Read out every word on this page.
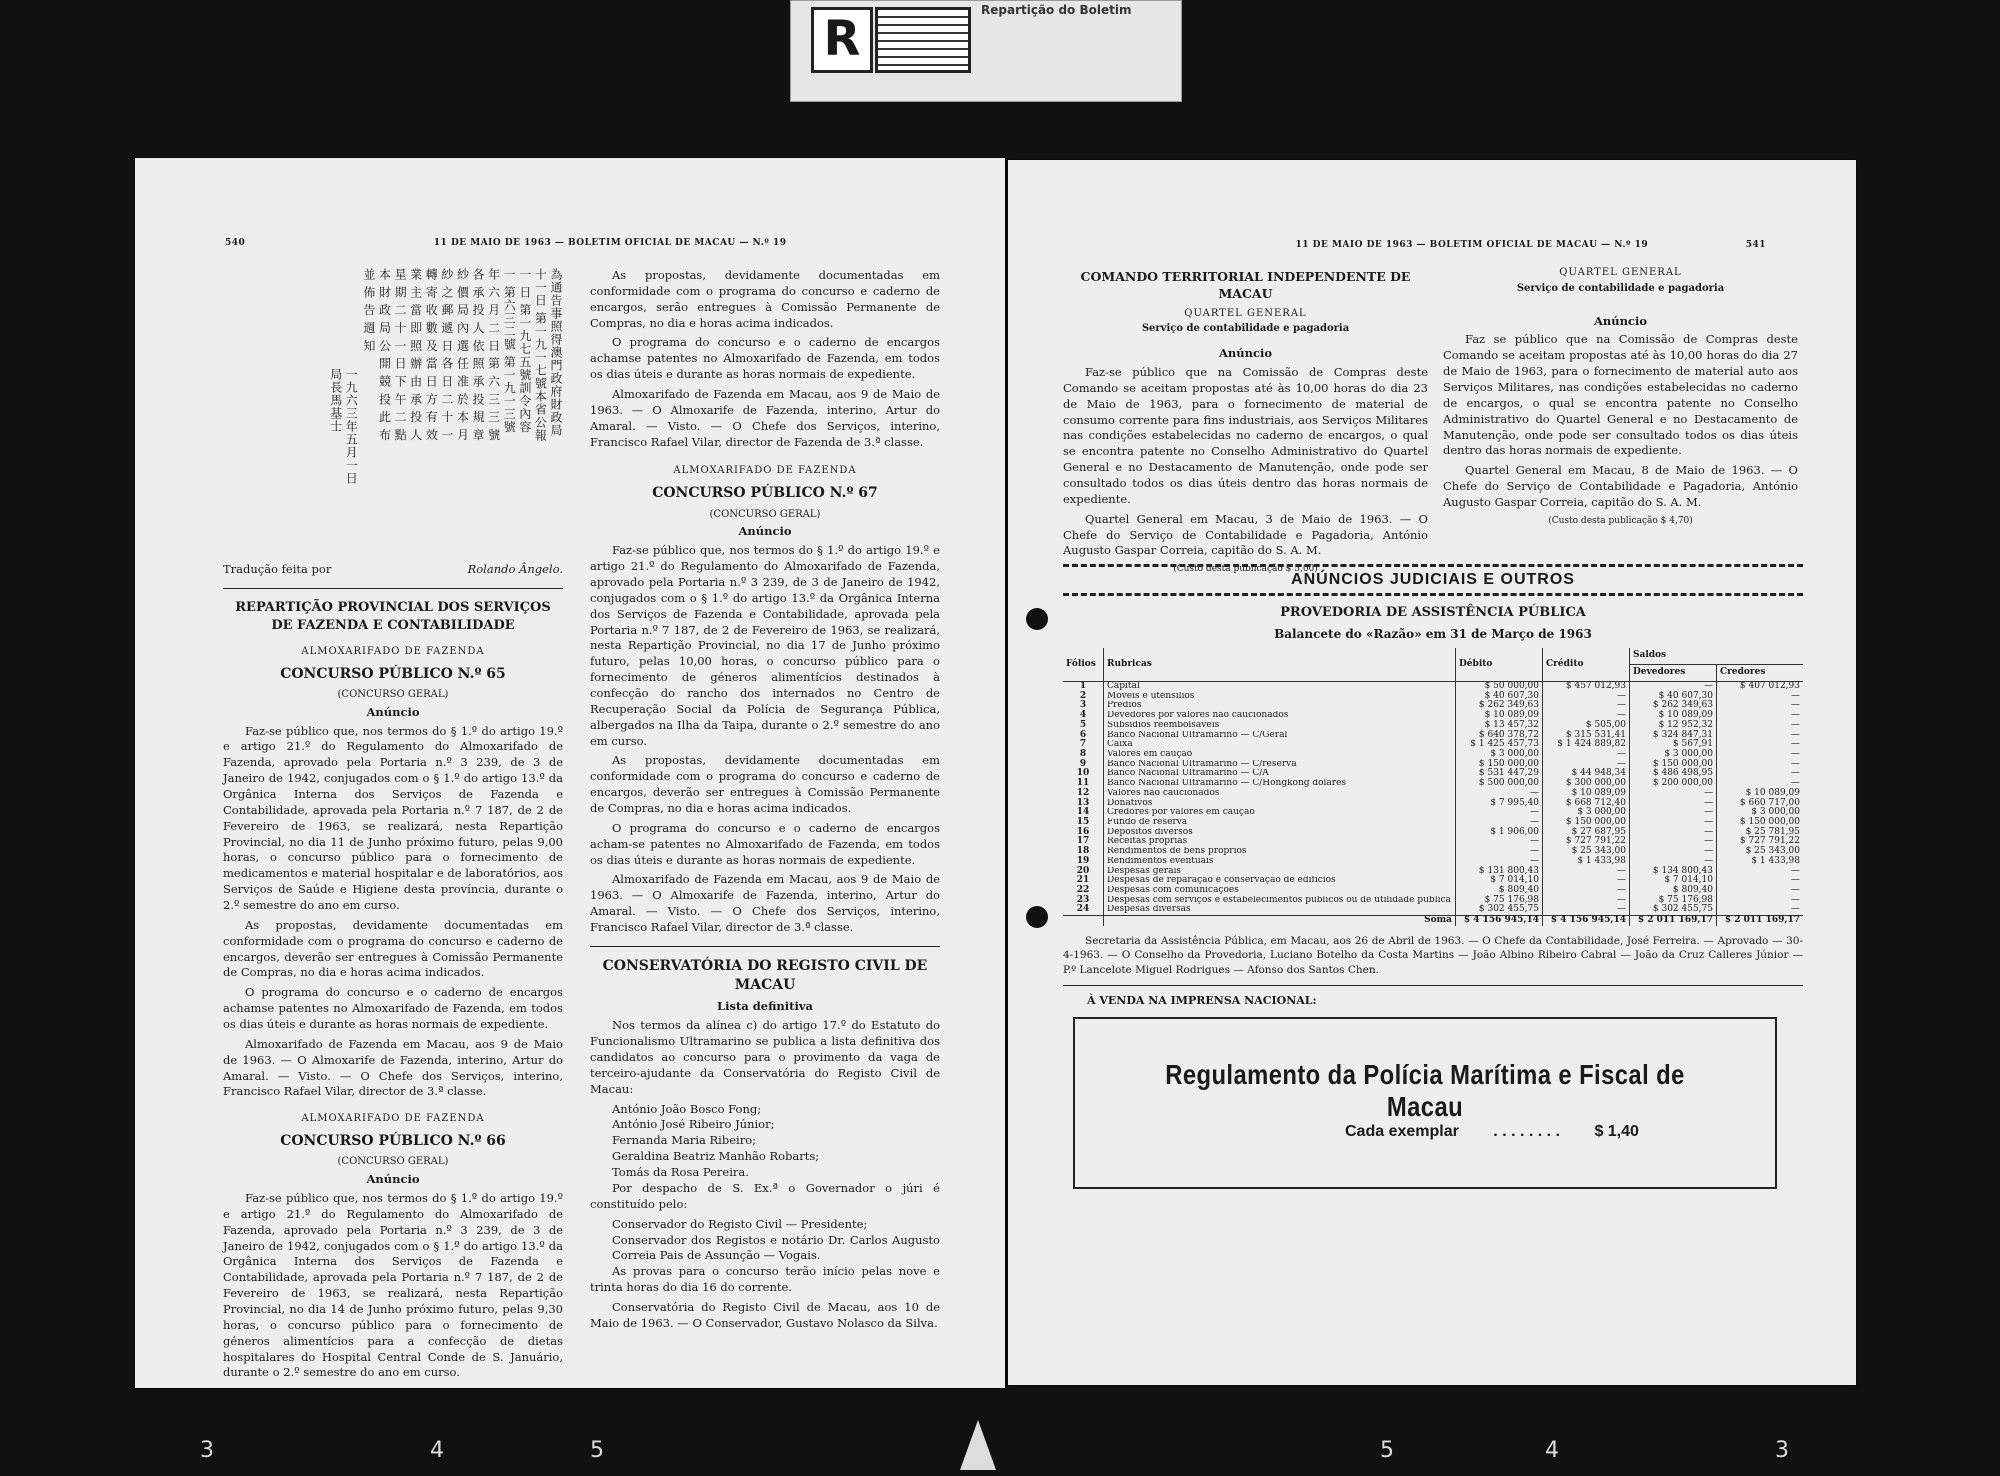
R
Repartição do Boletim
540	11 DE MAIO DE 1963 — BOLETIM OFICIAL DE MACAU — N.º 19
為通告事照得澳門政府財政局
十一日 第一九一七號本省公報
一 日 第一九七五號訓令內容
一 第六三二號 第一九一三號
年 六 月 二 日 第 六 三 三 號
各 承 投 人 依 照 承 投 規 章
紗 價 局 內 選 任 准 於 本 月
紗 之 郵 遞 日 各 日 二 十 一
轉 寄 收 數 及 當 日 方 有 效
業 主 當 即 照 辦 由 承 投 人
星 期 二 十 一 日 下 午 二 點
本 財 政 局 公 開 競 投 此 布
並 佈 告 週 知
一九六三年五月一日
局長馬基士
Tradução feita por	Rolando Ângelo.
REPARTIÇÃO PROVINCIAL DOS SERVIÇOS DE FAZENDA E CONTABILIDADE
ALMOXARIFADO DE FAZENDA
CONCURSO PÚBLICO N.º 65
(CONCURSO GERAL)
Anúncio

Faz-se público que, nos termos do § 1.º do artigo 19.º e artigo 21.º do Regulamento do Almoxarifado de Fazenda, aprovado pela Portaria n.º 3 239, de 3 de Janeiro de 1942, conjugados com o § 1.º do artigo 13.º da Orgânica Interna dos Serviços de Fazenda e Contabilidade, aprovada pela Portaria n.º 7 187, de 2 de Fevereiro de 1963, se realizará, nesta Repartição Provincial, no dia 11 de Junho próximo futuro, pelas 9,00 horas, o concurso público para o fornecimento de medicamentos e material hospitalar e de laboratórios, aos Serviços de Saúde e Higiene desta província, durante o 2.º semestre do ano em curso.

As propostas, devidamente documentadas em conformidade com o programa do concurso e caderno de encargos, deverão ser entregues à Comissão Permanente de Compras, no dia e horas acima indicados.

O programa do concurso e o caderno de encargos achamse patentes no Almoxarifado de Fazenda, em todos os dias úteis e durante as horas normais de expediente.

Almoxarifado de Fazenda em Macau, aos 9 de Maio de 1963. — O Almoxarife de Fazenda, interino, Artur do Amaral. — Visto. — O Chefe dos Serviços, interino, Francisco Rafael Vilar, director de 3.ª classe.

ALMOXARIFADO DE FAZENDA
CONCURSO PÚBLICO N.º 66
(CONCURSO GERAL)
Anúncio

Faz-se público que, nos termos do § 1.º do artigo 19.º e artigo 21.º do Regulamento do Almoxarifado de Fazenda, aprovado pela Portaria n.º 3 239, de 3 de Janeiro de 1942, conjugados com o § 1.º do artigo 13.º da Orgânica Interna dos Serviços de Fazenda e Contabilidade, aprovada pela Portaria n.º 7 187, de 2 de Fevereiro de 1963, se realizará, nesta Repartição Provincial, no dia 14 de Junho próximo futuro, pelas 9,30 horas, o concurso público para o fornecimento de géneros alimentícios para a confecção de dietas hospitalares do Hospital Central Conde de S. Januário, durante o 2.º semestre do ano em curso.

As propostas, devidamente documentadas em conformidade com o programa do concurso e caderno de encargos, serão entregues à Comissão Permanente de Compras, no dia e horas acima indicados.

O programa do concurso e o caderno de encargos achamse patentes no Almoxarifado de Fazenda, em todos os dias úteis e durante as horas normais de expediente.

Almoxarifado de Fazenda em Macau, aos 9 de Maio de 1963. — O Almoxarife de Fazenda, interino, Artur do Amaral. — Visto. — O Chefe dos Serviços, interino, Francisco Rafael Vilar, director de Fazenda de 3.ª classe.

ALMOXARIFADO DE FAZENDA
CONCURSO PÚBLICO N.º 67
(CONCURSO GERAL)
Anúncio

Faz-se público que, nos termos do § 1.º do artigo 19.º e artigo 21.º do Regulamento do Almoxarifado de Fazenda, aprovado pela Portaria n.º 3 239, de 3 de Janeiro de 1942, conjugados com o § 1.º do artigo 13.º da Orgânica Interna dos Serviços de Fazenda e Contabilidade, aprovada pela Portaria n.º 7 187, de 2 de Fevereiro de 1963, se realizará, nesta Repartição Provincial, no dia 17 de Junho próximo futuro, pelas 10,00 horas, o concurso público para o fornecimento de géneros alimentícios destinados à confecção do rancho dos internados no Centro de Recuperação Social da Polícia de Segurança Pública, albergados na Ilha da Taipa, durante o 2.º semestre do ano em curso.

As propostas, devidamente documentadas em conformidade com o programa do concurso e caderno de encargos, deverão ser entregues à Comissão Permanente de Compras, no dia e horas acima indicados.

O programa do concurso e o caderno de encargos acham-se patentes no Almoxarifado de Fazenda, em todos os dias úteis e durante as horas normais de expediente.

Almoxarifado de Fazenda em Macau, aos 9 de Maio de 1963. — O Almoxarife de Fazenda, interino, Artur do Amaral. — Visto. — O Chefe dos Serviços, interino, Francisco Rafael Vilar, director de 3.ª classe.

CONSERVATÓRIA DO REGISTO CIVIL DE MACAU
Lista definitiva

Nos termos da alínea c) do artigo 17.º do Estatuto do Funcionalismo Ultramarino se publica a lista definitiva dos candidatos ao concurso para o provimento da vaga de terceiro-ajudante da Conservatória do Registo Civil de Macau:

António João Bosco Fong;
António José Ribeiro Júnior;
Fernanda Maria Ribeiro;
Geraldina Beatriz Manhão Robarts;
Tomás da Rosa Pereira.

Por despacho de S. Ex.ª o Governador o júri é constituído pelo:

Conservador do Registo Civil — Presidente;
Conservador dos Registos e notário Dr. Carlos Augusto Correia Pais de Assunção — Vogais.

As provas para o concurso terão início pelas nove e trinta horas do dia 16 do corrente.

Conservatória do Registo Civil de Macau, aos 10 de Maio de 1963. — O Conservador, Gustavo Nolasco da Silva.

11 DE MAIO DE 1963 — BOLETIM OFICIAL DE MACAU — N.º 19	541
COMANDO TERRITORIAL INDEPENDENTE DE MACAU
QUARTEL GENERAL
Serviço de contabilidade e pagadoria
Anúncio

Faz-se público que na Comissão de Compras deste Comando se aceitam propostas até às 10,00 horas do dia 23 de Maio de 1963, para o fornecimento de material de consumo corrente para fins industriais, aos Serviços Militares nas condições estabelecidas no caderno de encargos, o qual se encontra patente no Conselho Administrativo do Quartel General e no Destacamento de Manutenção, onde pode ser consultado todos os dias úteis dentro das horas normais de expediente.

Quartel General em Macau, 3 de Maio de 1963. — O Chefe do Serviço de Contabilidade e Pagadoria, António Augusto Gaspar Correia, capitão do S. A. M.

(Custo desta publicação $ 5,00)
QUARTEL GENERAL
Serviço de contabilidade e pagadoria
Anúncio

Faz se público que na Comissão de Compras deste Comando se aceitam propostas até às 10,00 horas do dia 27 de Maio de 1963, para o fornecimento de material auto aos Serviços Militares, nas condições estabelecidas no caderno de encargos, o qual se encontra patente no Conselho Administrativo do Quartel General e no Destacamento de Manutenção, onde pode ser consultado todos os dias úteis dentro das horas normais de expediente.

Quartel General em Macau, 8 de Maio de 1963. — O Chefe do Serviço de Contabilidade e Pagadoria, António Augusto Gaspar Correia, capitão do S. A. M.

(Custo desta publicação $ 4,70)
ANÚNCIOS JUDICIAIS E OUTROS
PROVEDORIA DE ASSISTÊNCIA PÚBLICA
Balancete do «Razão» em 31 de Março de 1963
Fólios	Rubricas	Débito	Crédito	Saldos	
				Devedores	Credores
1	Capital	$ 50 000,00	$ 457 012,93	—	$ 407 012,93
2	Móveis e utensílios	$ 40 607,30	—	$ 40 607,30	—
3	Prédios	$ 262 349,63	—	$ 262 349,63	—
4	Devedores por valores não caucionados	$ 10 089,09	—	$ 10 089,09	—
5	Subsídios reembolsáveis	$ 13 457,32	$ 505,00	$ 12 952,32	—
6	Banco Nacional Ultramarino — C/Geral	$ 640 378,72	$ 315 531,41	$ 324 847,31	—
7	Caixa	$ 1 425 457,73	$ 1 424 889,82	$ 567,91	—
8	Valores em caução	$ 3 000,00	—	$ 3 000,00	—
9	Banco Nacional Ultramarino — C/reserva	$ 150 000,00	—	$ 150 000,00	—
10	Banco Nacional Ultramarino — C/A	$ 531 447,29	$ 44 948,34	$ 486 498,95	—
11	Banco Nacional Ultramarino — C/Hongkong dólares	$ 500 000,00	$ 300 000,00	$ 200 000,00	—
12	Valores não caucionados	—	$ 10 089,09	—	$ 10 089,09
13	Donativos	$ 7 995,40	$ 668 712,40	—	$ 660 717,00
14	Credores por valores em caução	—	$ 3 000,00	—	$ 3 000,00
15	Fundo de reserva	—	$ 150 000,00	—	$ 150 000,00
16	Depósitos diversos	$ 1 906,00	$ 27 687,95	—	$ 25 781,95
17	Receitas próprias	—	$ 727 791,22	—	$ 727 791,22
18	Rendimentos de bens próprios	—	$ 25 343,00	—	$ 25 343,00
19	Rendimentos eventuais	—	$ 1 433,98	—	$ 1 433,98
20	Despesas gerais	$ 131 800,43	—	$ 134 800,43	—
21	Despesas de reparação e conservação de edifícios	$ 7 014,10	—	$ 7 014,10	—
22	Despesas com comunicações	$ 809,40	—	$ 809,40	—
23	Despesas com serviços e estabelecimentos públicos ou de utilidade pública	$ 75 176,98	—	$ 75 176,98	—
24	Despesas diversas	$ 302 455,75	—	$ 302 455,75	—
	Soma	$ 4 156 945,14	$ 4 156 945,14	$ 2 011 169,17	$ 2 011 169,17

Secretaria da Assistência Pública, em Macau, aos 26 de Abril de 1963. — O Chefe da Contabilidade, José Ferreira. — Aprovado — 30-4-1963. — O Conselho da Provedoria, Luciano Botelho da Costa Martins — João Albino Ribeiro Cabral — João da Cruz Calleres Júnior — P.º Lancelote Miguel Rodrigues — Afonso dos Santos Chen.

À VENDA NA IMPRENSA NACIONAL:
Regulamento da Polícia Marítima e Fiscal de Macau
Cada exemplar . . . . . . . . $ 1,40
3	4	5	5	4	3
